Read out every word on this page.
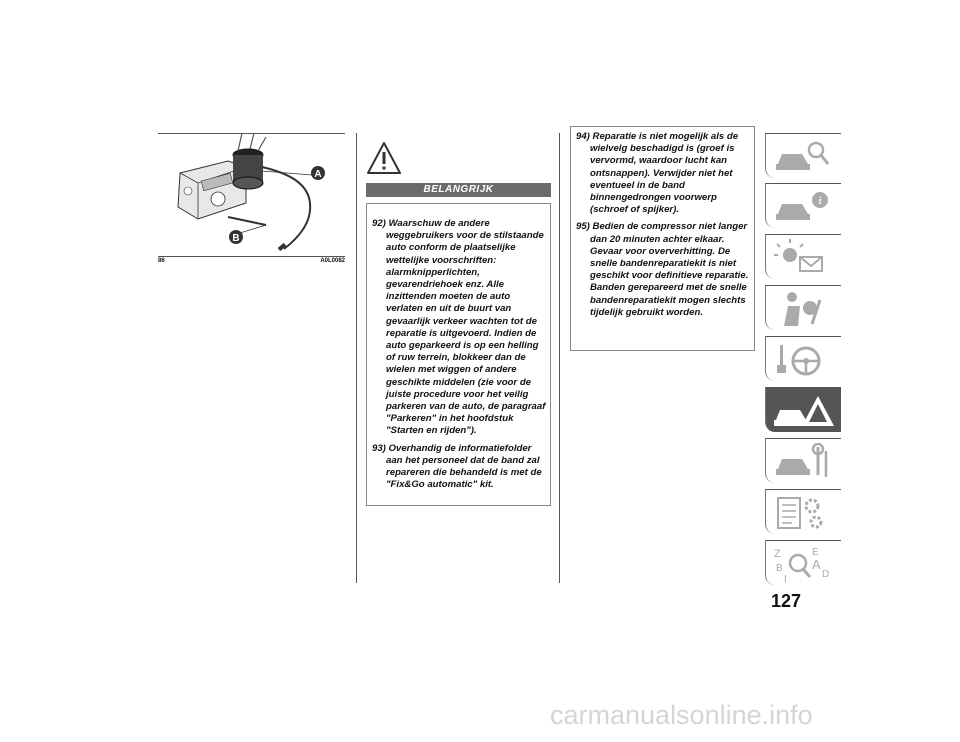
A
B
86	A0L0082
BELANGRIJK

92) Waarschuw de andere weggebruikers voor de stilstaande auto conform de plaatselijke wettelijke voorschriften: alarmknipperlichten, gevarendriehoek enz. Alle inzittenden moeten de auto verlaten en uit de buurt van gevaarlijk verkeer wachten tot de reparatie is uitgevoerd. Indien de auto geparkeerd is op een helling of ruw terrein, blokkeer dan de wielen met wiggen of andere geschikte middelen (zie voor de juiste procedure voor het veilig parkeren van de auto, de paragraaf "Parkeren" in het hoofdstuk "Starten en rijden").

93) Overhandig de informatiefolder aan het personeel dat de band zal repareren die behandeld is met de "Fix&Go automatic" kit.

94) Reparatie is niet mogelijk als de wielvelg beschadigd is (groef is vervormd, waardoor lucht kan ontsnappen). Verwijder niet het eventueel in de band binnengedrongen voorwerp (schroef of spijker).

95) Bedien de compressor niet langer dan 20 minuten achter elkaar. Gevaar voor oververhitting. De snelle bandenreparatiekit is niet geschikt voor definitieve reparatie. Banden gerepareerd met de snelle bandenreparatiekit mogen slechts tijdelijk gebruikt worden.

i
Z
B
I
E
A
D
127
carmanualsonline.info
